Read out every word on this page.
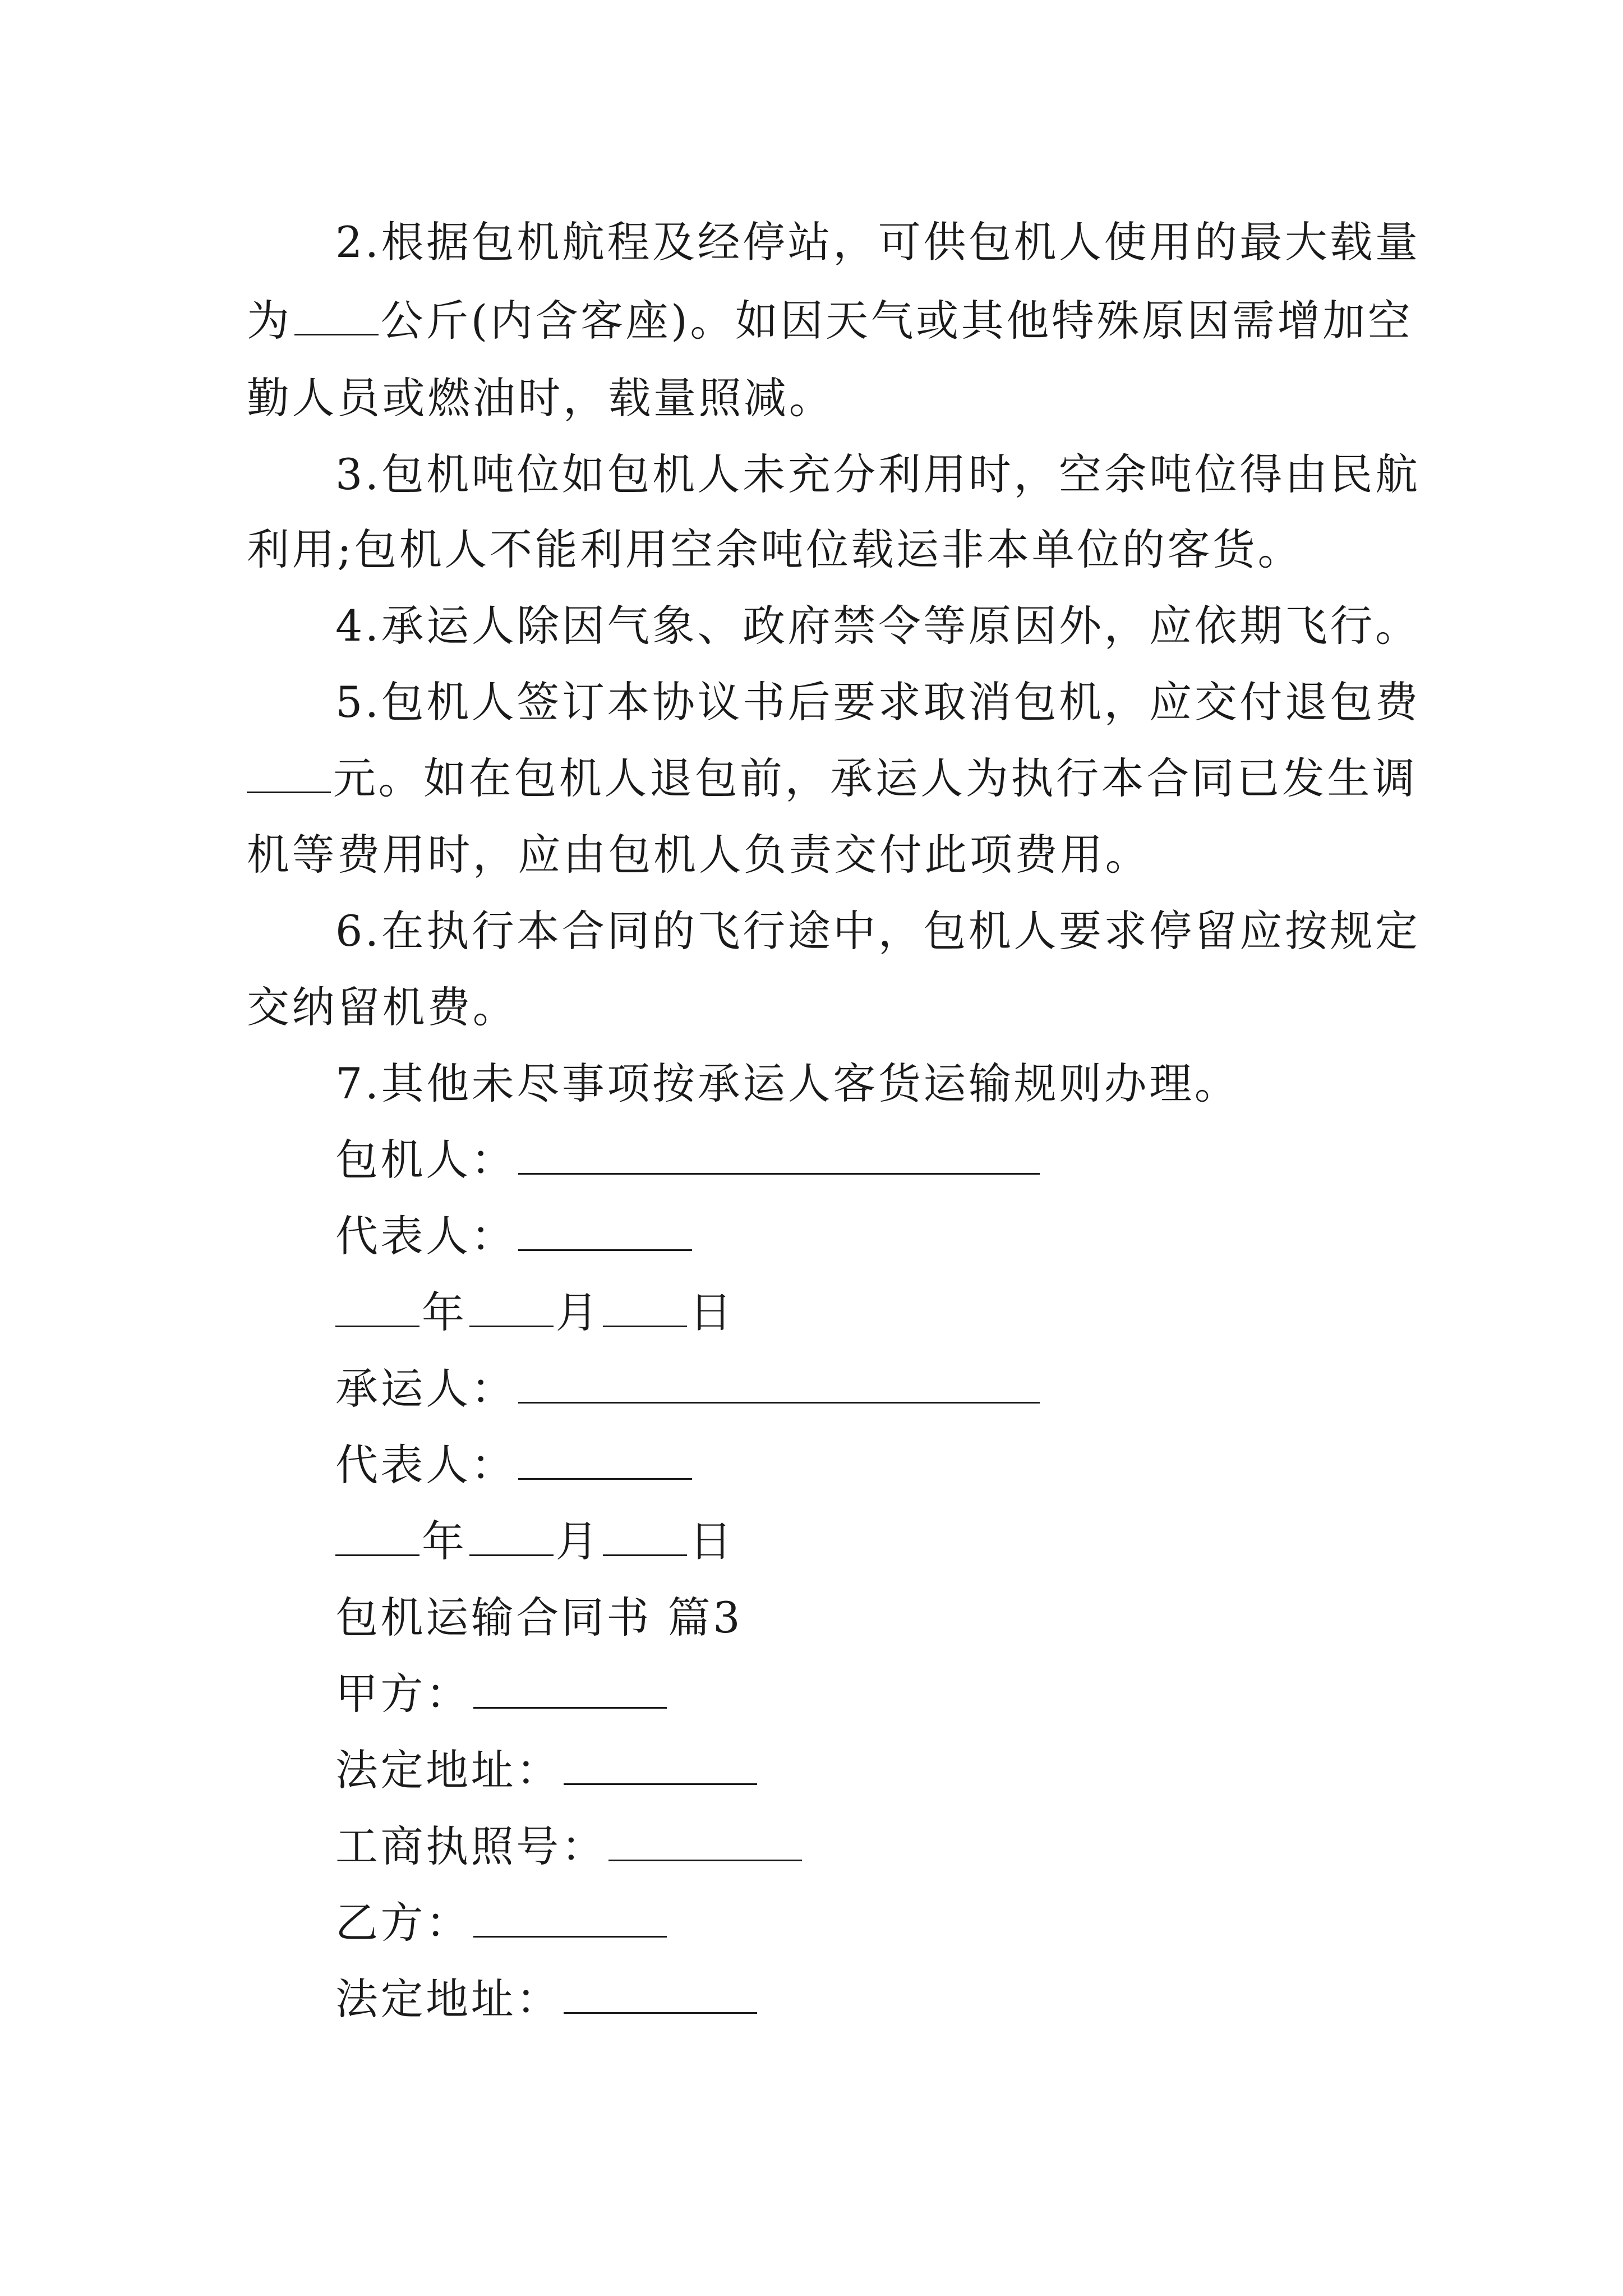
2.根据包机航程及经停站，可供包机人使用的最大载量
为 公斤(内含客座)。如因天气或其他特殊原因需增加空
勤人员或燃油时，载量照减。
3.包机吨位如包机人未充分利用时，空余吨位得由民航
利用;包机人不能利用空余吨位载运非本单位的客货。
4.承运人除因气象、政府禁令等原因外，应依期飞行。
5.包机人签订本协议书后要求取消包机，应交付退包费
元。如在包机人退包前，承运人为执行本合同已发生调
机等费用时，应由包机人负责交付此项费用。
6.在执行本合同的飞行途中，包机人要求停留应按规定
交纳留机费。
7.其他未尽事项按承运人客货运输规则办理。
包机人：
代表人：
年 月 日
承运人：
代表人：
年 月 日
包机运输合同书 篇3
甲方：
法定地址：
工商执照号：
乙方：
法定地址：
